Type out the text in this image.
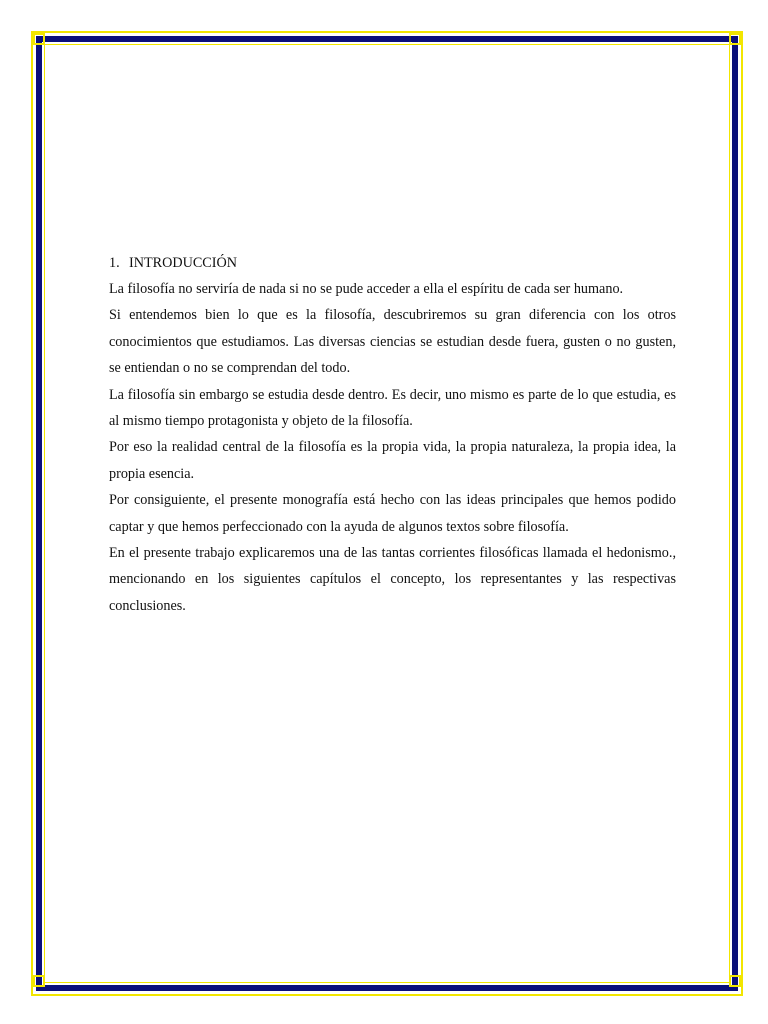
1. INTRODUCCIÓN

La filosofía no serviría de nada si no se pude acceder a ella el espíritu de cada ser humano.

Si entendemos bien lo que es la filosofía, descubriremos su gran diferencia con los otros conocimientos que estudiamos. Las diversas ciencias se estudian desde fuera, gusten o no gusten, se entiendan o no se comprendan del todo.

La filosofía sin embargo se estudia desde dentro. Es decir, uno mismo es parte de lo que estudia, es al mismo tiempo protagonista y objeto de la filosofía.

Por eso la realidad central de la filosofía es la propia vida, la propia naturaleza, la propia idea, la propia esencia.

Por consiguiente, el presente monografía está hecho con las ideas principales que hemos podido captar y que hemos perfeccionado con la ayuda de algunos textos sobre filosofía.

En el presente trabajo explicaremos una de las tantas corrientes filosóficas llamada el hedonismo., mencionando en los siguientes capítulos el concepto, los representantes y las respectivas conclusiones.
